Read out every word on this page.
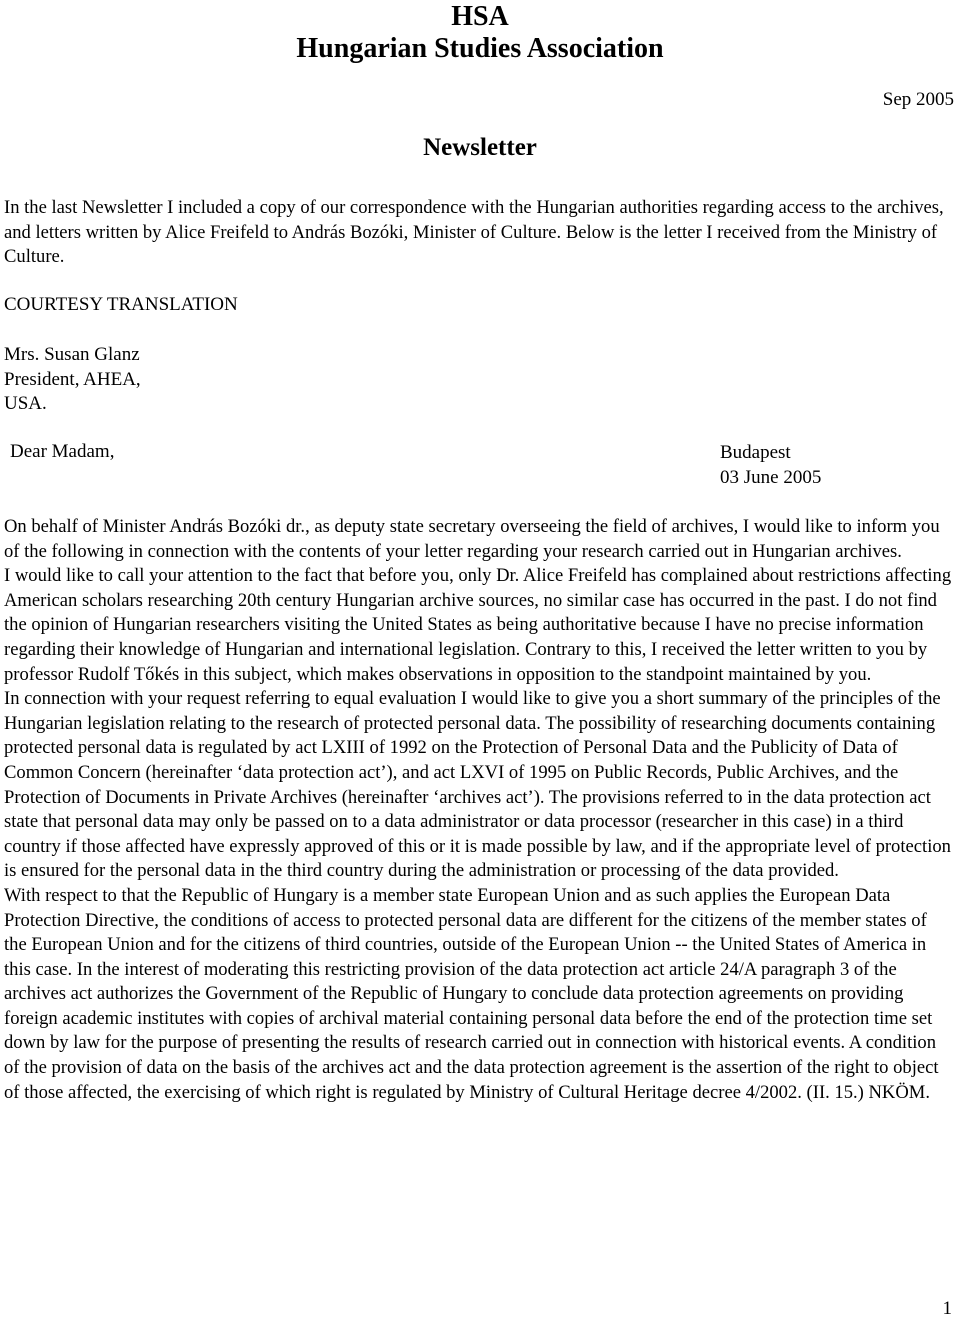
HSA
Hungarian Studies Association
Sep 2005
Newsletter
In the last Newsletter I included a copy of our correspondence with the Hungarian authorities regarding access to the archives, and letters written by Alice Freifeld to András Bozóki, Minister of Culture. Below is the letter I received from the Ministry of Culture.
COURTESY TRANSLATION
Mrs. Susan Glanz
President, AHEA,
USA.
Dear Madam,	Budapest
03 June 2005

On behalf of Minister András Bozóki dr., as deputy state secretary overseeing the field of archives, I would like to inform you of the following in connection with the contents of your letter regarding your research carried out in Hungarian archives.

I would like to call your attention to the fact that before you, only Dr. Alice Freifeld has complained about restrictions affecting American scholars researching 20th century Hungarian archive sources, no similar case has occurred in the past. I do not find the opinion of Hungarian researchers visiting the United States as being authoritative because I have no precise information regarding their knowledge of Hungarian and international legislation. Contrary to this, I received the letter written to you by professor Rudolf Tőkés in this subject, which makes observations in opposition to the standpoint maintained by you.

In connection with your request referring to equal evaluation I would like to give you a short summary of the principles of the Hungarian legislation relating to the research of protected personal data. The possibility of researching documents containing protected personal data is regulated by act LXIII of 1992 on the Protection of Personal Data and the Publicity of Data of Common Concern (hereinafter ‘data protection act’), and act LXVI of 1995 on Public Records, Public Archives, and the Protection of Documents in Private Archives (hereinafter ‘archives act’). The provisions referred to in the data protection act state that personal data may only be passed on to a data administrator or data processor (researcher in this case) in a third country if those affected have expressly approved of this or it is made possible by law, and if the appropriate level of protection is ensured for the personal data in the third country during the administration or processing of the data provided.

With respect to that the Republic of Hungary is a member state European Union and as such applies the European Data Protection Directive, the conditions of access to protected personal data are different for the citizens of the member states of the European Union and for the citizens of third countries, outside of the European Union -- the United States of America in this case. In the interest of moderating this restricting provision of the data protection act article 24/A paragraph 3 of the archives act authorizes the Government of the Republic of Hungary to conclude data protection agreements on providing foreign academic institutes with copies of archival material containing personal data before the end of the protection time set down by law for the purpose of presenting the results of research carried out in connection with historical events. A condition of the provision of data on the basis of the archives act and the data protection agreement is the assertion of the right to object of those affected, the exercising of which right is regulated by Ministry of Cultural Heritage decree 4/2002. (II. 15.) NKÖM.

1
